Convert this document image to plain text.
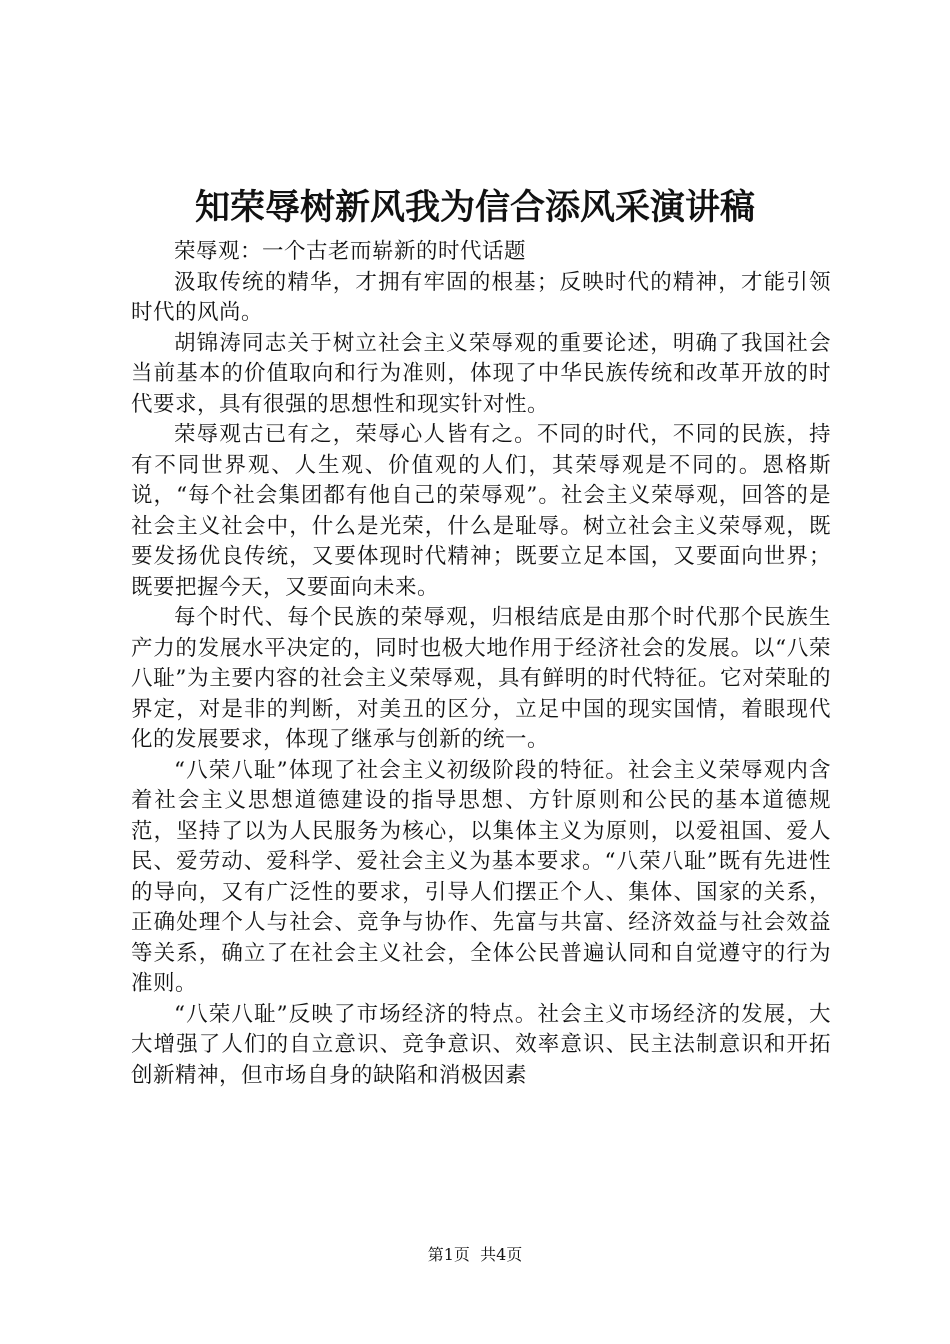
知荣辱树新风我为信合添风采演讲稿

荣辱观：一个古老而崭新的时代话题

汲取传统的精华，才拥有牢固的根基；反映时代的精神，才能引领时代的风尚。

胡锦涛同志关于树立社会主义荣辱观的重要论述，明确了我国社会当前基本的价值取向和行为准则，体现了中华民族传统和改革开放的时代要求，具有很强的思想性和现实针对性。

荣辱观古已有之，荣辱心人皆有之。不同的时代，不同的民族，持有不同世界观、人生观、价值观的人们，其荣辱观是不同的。恩格斯说，“每个社会集团都有他自己的荣辱观”。社会主义荣辱观，回答的是社会主义社会中，什么是光荣，什么是耻辱。树立社会主义荣辱观，既要发扬优良传统，又要体现时代精神；既要立足本国，又要面向世界；既要把握今天，又要面向未来。

每个时代、每个民族的荣辱观，归根结底是由那个时代那个民族生产力的发展水平决定的，同时也极大地作用于经济社会的发展。以“八荣八耻”为主要内容的社会主义荣辱观，具有鲜明的时代特征。它对荣耻的界定，对是非的判断，对美丑的区分，立足中国的现实国情，着眼现代化的发展要求，体现了继承与创新的统一。

“八荣八耻”体现了社会主义初级阶段的特征。社会主义荣辱观内含着社会主义思想道德建设的指导思想、方针原则和公民的基本道德规范，坚持了以为人民服务为核心，以集体主义为原则，以爱祖国、爱人民、爱劳动、爱科学、爱社会主义为基本要求。“八荣八耻”既有先进性的导向，又有广泛性的要求，引导人们摆正个人、集体、国家的关系，正确处理个人与社会、竞争与协作、先富与共富、经济效益与社会效益等关系，确立了在社会主义社会，全体公民普遍认同和自觉遵守的行为准则。

“八荣八耻”反映了市场经济的特点。社会主义市场经济的发展，大大增强了人们的自立意识、竞争意识、效率意识、民主法制意识和开拓创新精神，但市场自身的缺陷和消极因素

第1页  共4页
